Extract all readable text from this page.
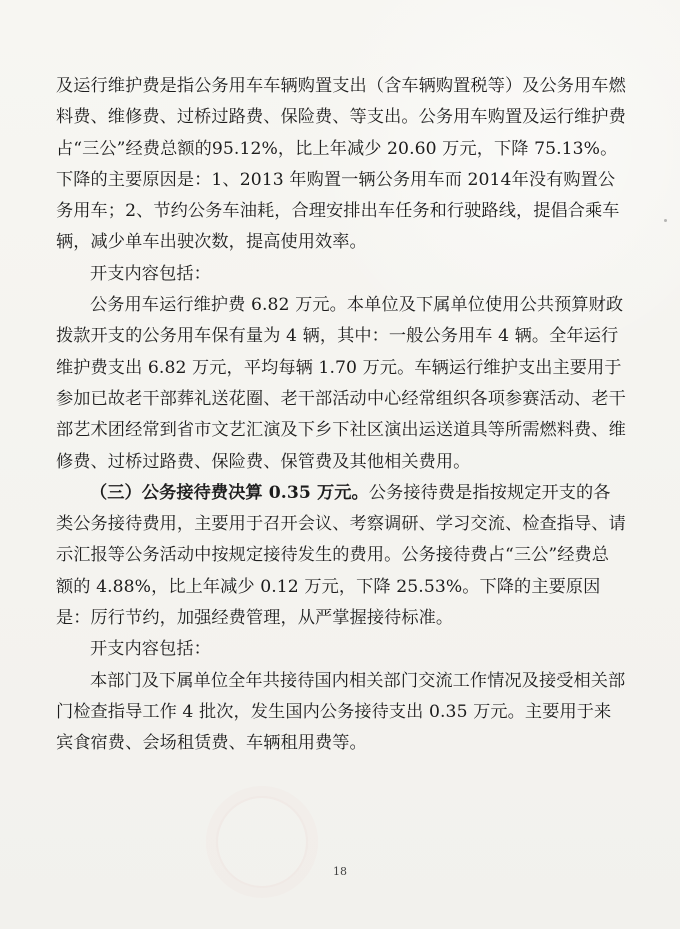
及运行维护费是指公务用车车辆购置支出（含车辆购置税等）及公务用车燃料费、维修费、过桥过路费、保险费、等支出。公务用车购置及运行维护费占“三公”经费总额的95.12%，比上年减少 20.60 万元，下降 75.13%。下降的主要原因是：1、2013 年购置一辆公务用车而 2014年没有购置公务用车；2、节约公务车油耗，合理安排出车任务和行驶路线，提倡合乘车辆，减少单车出驶次数，提高使用效率。

开支内容包括：

公务用车运行维护费 6.82 万元。本单位及下属单位使用公共预算财政拨款开支的公务用车保有量为 4 辆，其中：一般公务用车 4 辆。全年运行维护费支出 6.82 万元，平均每辆 1.70 万元。车辆运行维护支出主要用于参加已故老干部葬礼送花圈、老干部活动中心经常组织各项参赛活动、老干部艺术团经常到省市文艺汇演及下乡下社区演出运送道具等所需燃料费、维修费、过桥过路费、保险费、保管费及其他相关费用。

（三）公务接待费决算 0.35 万元。公务接待费是指按规定开支的各类公务接待费用，主要用于召开会议、考察调研、学习交流、检查指导、请示汇报等公务活动中按规定接待发生的费用。公务接待费占“三公”经费总额的 4.88%，比上年减少 0.12 万元，下降 25.53%。下降的主要原因是：厉行节约，加强经费管理，从严掌握接待标准。

开支内容包括：

本部门及下属单位全年共接待国内相关部门交流工作情况及接受相关部门检查指导工作 4 批次，发生国内公务接待支出 0.35 万元。主要用于来宾食宿费、会场租赁费、车辆租用费等。

18
